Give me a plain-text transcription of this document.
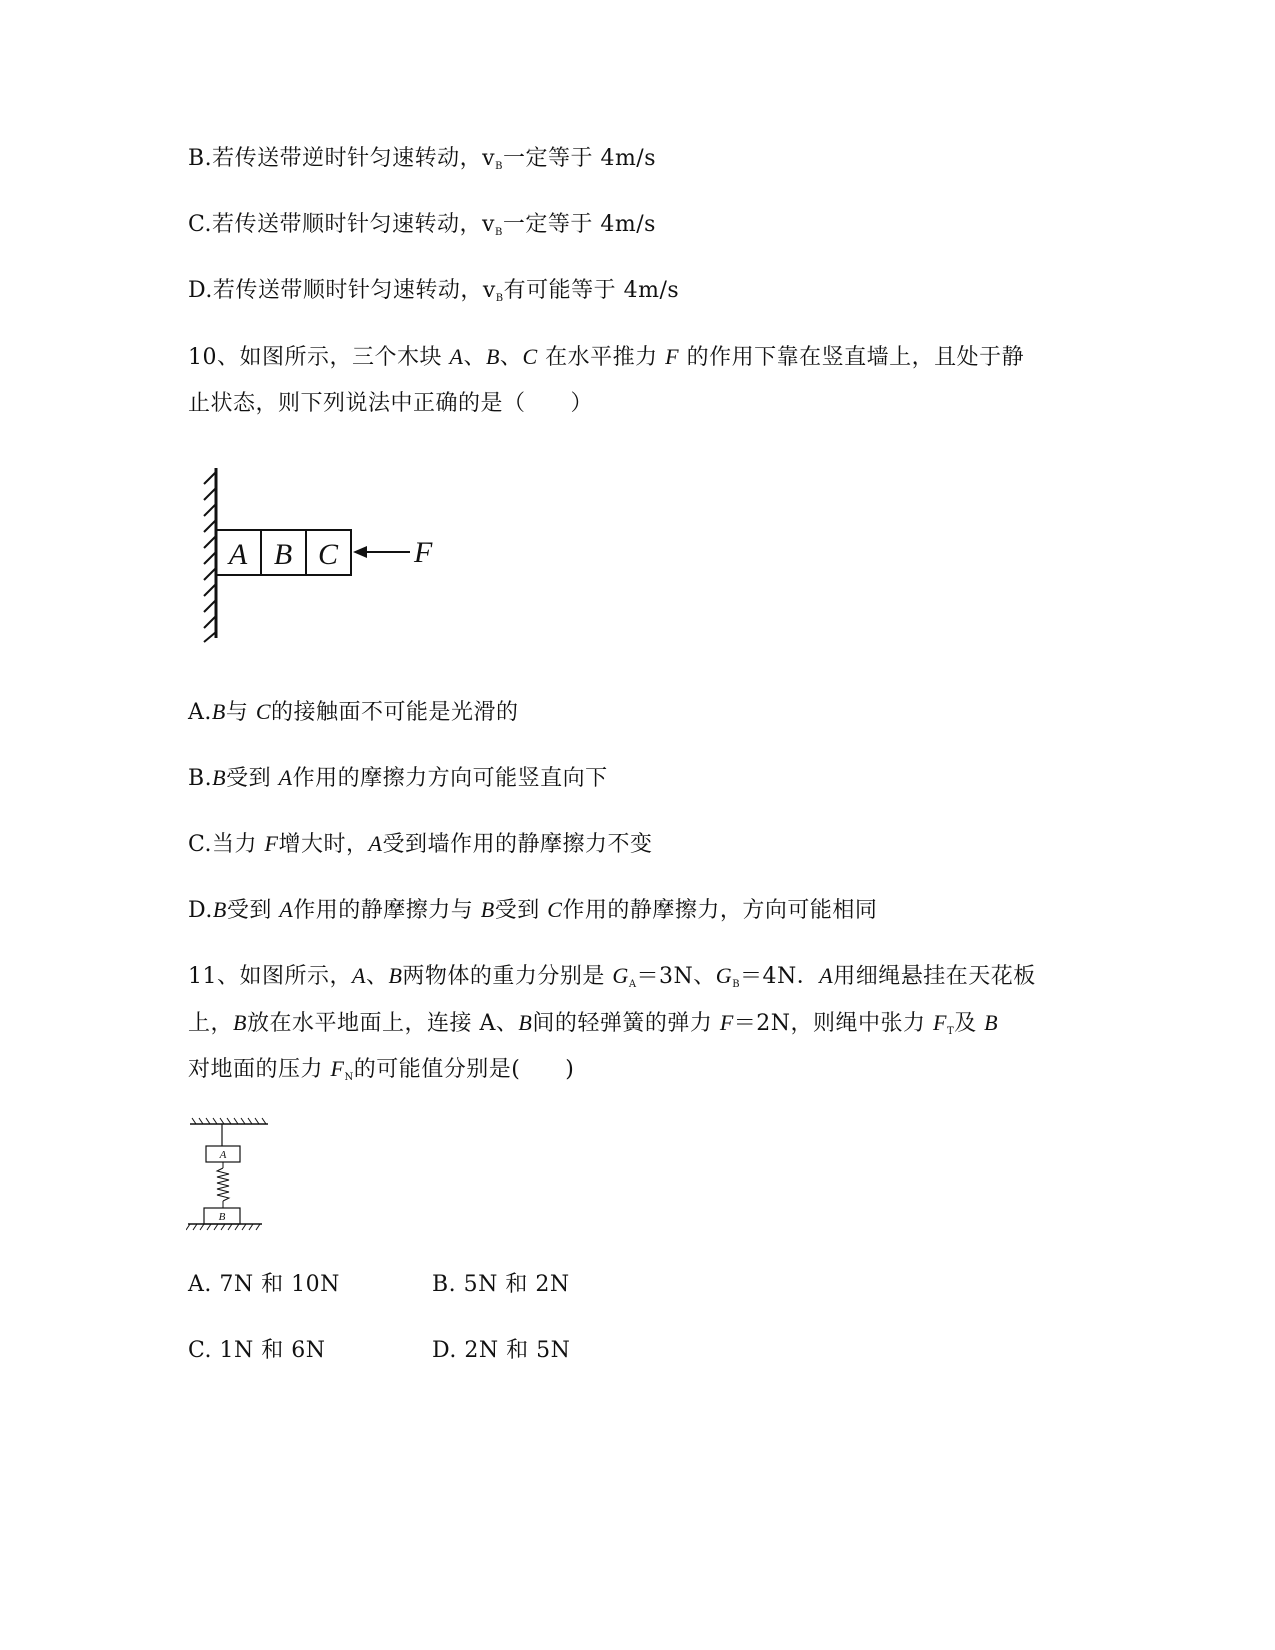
B.若传送带逆时针匀速转动，$v_B$一定等于 4m/s
C.若传送带顺时针匀速转动，$v_B$一定等于 4m/s
D.若传送带顺时针匀速转动，$v_B$有可能等于 4m/s
10、如图所示，三个木块 A、B、C 在水平推力 F 的作用下靠在竖直墙上，且处于静
止状态，则下列说法中正确的是（　　）
A B C	F
A.B与 C的接触面不可能是光滑的
B.B受到 A作用的摩擦力方向可能竖直向下
C.当力 F增大时，A受到墙作用的静摩擦力不变
D.B受到 A作用的静摩擦力与 B受到 C作用的静摩擦力，方向可能相同
11、如图所示，A、B两物体的重力分别是 $G_A=3N$、$G_B=4N$．A用细绳悬挂在天花板
上，B放在水平地面上，连接 A、B间的轻弹簧的弹力 F＝2N，则绳中张力 $F_T$及 B
对地面的压力 $F_N$的可能值分别是(　　)
A
B
A. 7N 和 10N	B. 5N 和 2N
C. 1N 和 6N	D. 2N 和 5N
